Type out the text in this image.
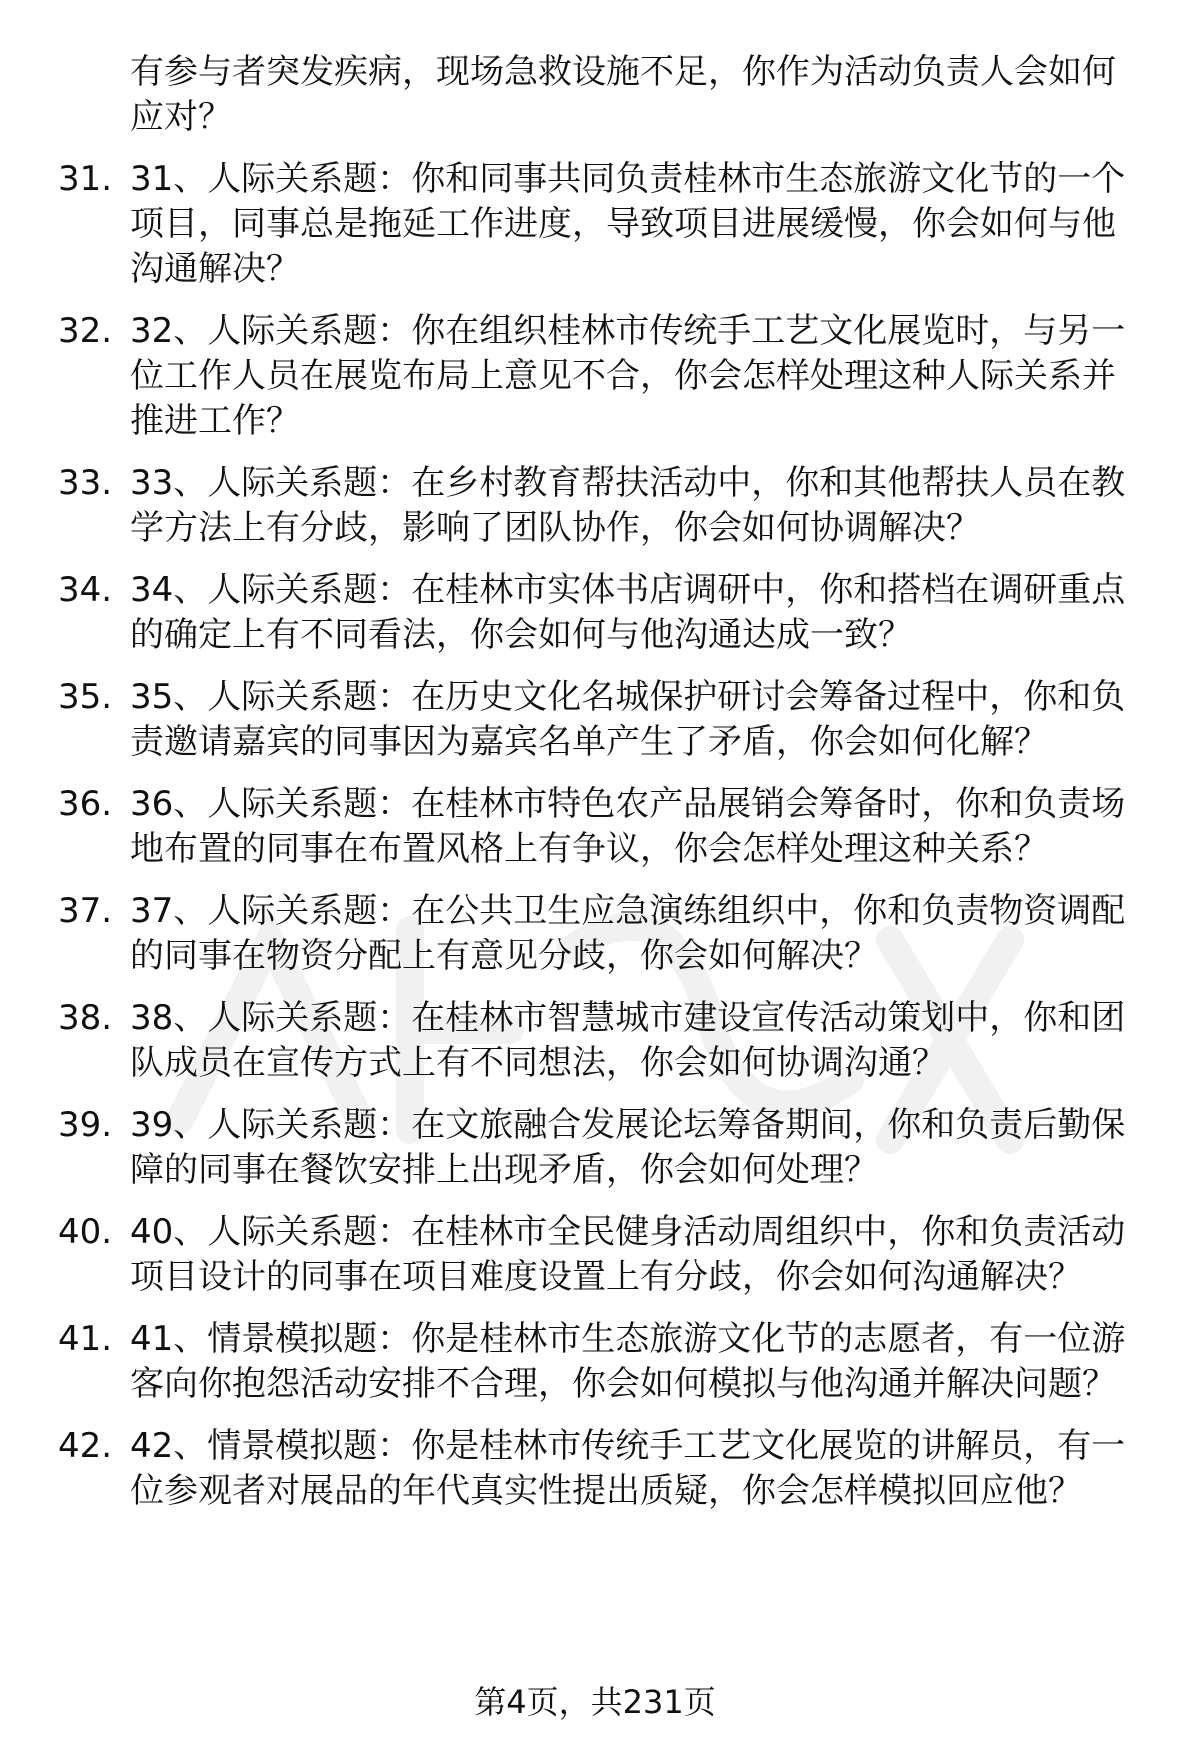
有参与者突发疾病，现场急救设施不足，你作为活动负责人会如何应对？
31. 31、人际关系题：你和同事共同负责桂林市生态旅游文化节的一个项目，同事总是拖延工作进度，导致项目进展缓慢，你会如何与他沟通解决？
32. 32、人际关系题：你在组织桂林市传统手工艺文化展览时，与另一位工作人员在展览布局上意见不合，你会怎样处理这种人际关系并推进工作？
33. 33、人际关系题：在乡村教育帮扶活动中，你和其他帮扶人员在教学方法上有分歧，影响了团队协作，你会如何协调解决？
34. 34、人际关系题：在桂林市实体书店调研中，你和搭档在调研重点的确定上有不同看法，你会如何与他沟通达成一致？
35. 35、人际关系题：在历史文化名城保护研讨会筹备过程中，你和负责邀请嘉宾的同事因为嘉宾名单产生了矛盾，你会如何化解？
36. 36、人际关系题：在桂林市特色农产品展销会筹备时，你和负责场地布置的同事在布置风格上有争议，你会怎样处理这种关系？
37. 37、人际关系题：在公共卫生应急演练组织中，你和负责物资调配的同事在物资分配上有意见分歧，你会如何解决？
38. 38、人际关系题：在桂林市智慧城市建设宣传活动策划中，你和团队成员在宣传方式上有不同想法，你会如何协调沟通？
39. 39、人际关系题：在文旅融合发展论坛筹备期间，你和负责后勤保障的同事在餐饮安排上出现矛盾，你会如何处理？
40. 40、人际关系题：在桂林市全民健身活动周组织中，你和负责活动项目设计的同事在项目难度设置上有分歧，你会如何沟通解决？
41. 41、情景模拟题：你是桂林市生态旅游文化节的志愿者，有一位游客向你抱怨活动安排不合理，你会如何模拟与他沟通并解决问题？
42. 42、情景模拟题：你是桂林市传统手工艺文化展览的讲解员，有一位参观者对展品的年代真实性提出质疑，你会怎样模拟回应他？
第4页，共231页
